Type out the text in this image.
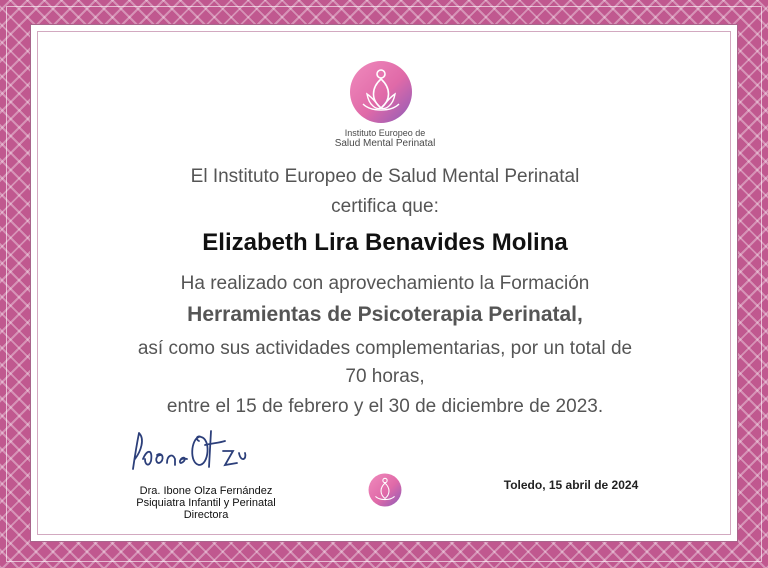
Instituto Europeo de
Salud Mental Perinatal
El Instituto Europeo de Salud Mental Perinatal
certifica que:
Elizabeth Lira Benavides Molina
Ha realizado con aprovechamiento la Formación
Herramientas de Psicoterapia Perinatal,
así como sus actividades complementarias, por un total de
70 horas,
entre el 15 de febrero y el 30 de diciembre de 2023.
Dra. Ibone Olza Fernández
Psiquiatra Infantil y Perinatal
Directora
Toledo, 15 abril de 2024
